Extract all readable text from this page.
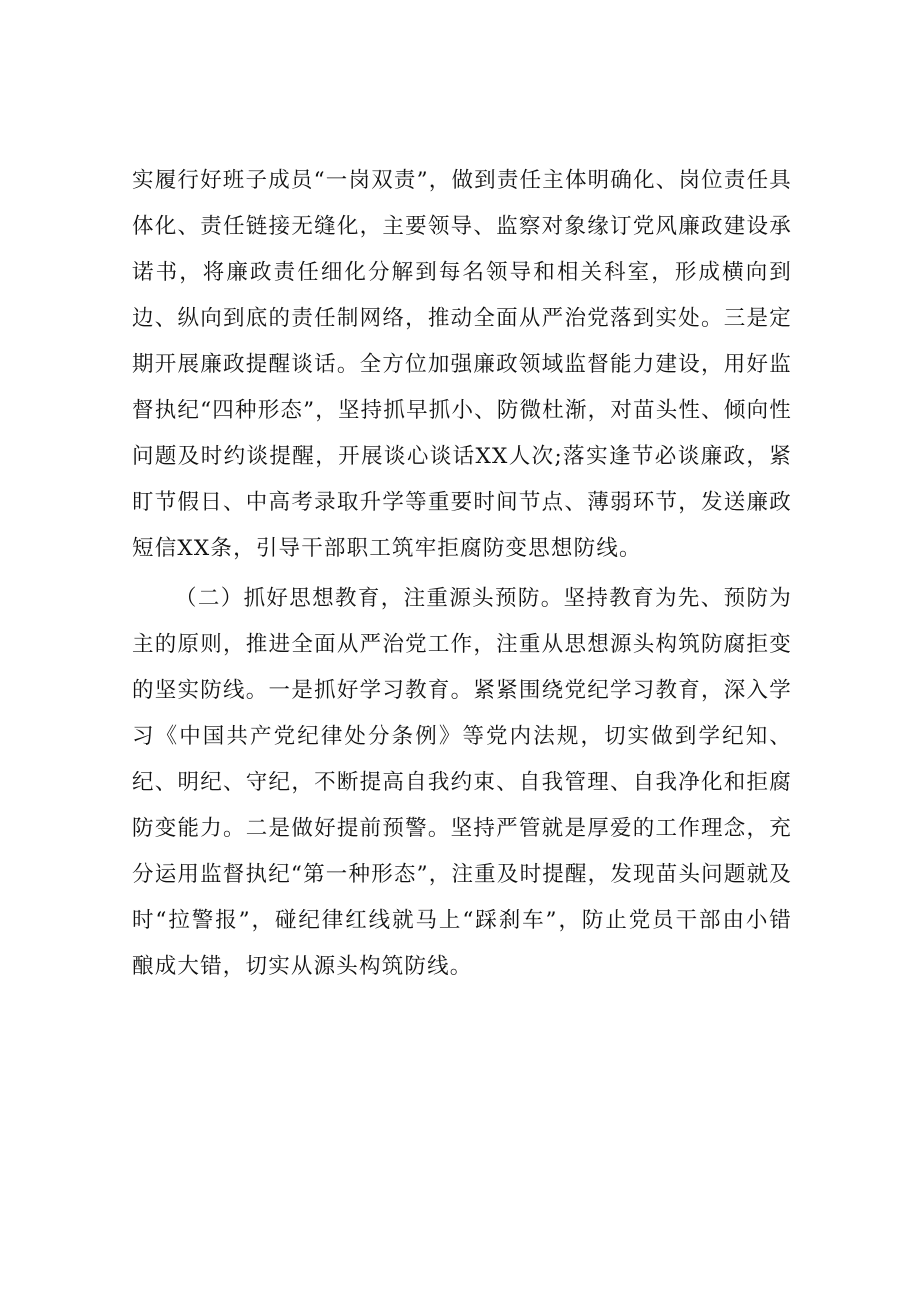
实履行好班子成员“一岗双责”，做到责任主体明确化、岗位责任具体化、责任链接无缝化，主要领导、监察对象缘订党风廉政建设承诺书，将廉政责任细化分解到每名领导和相关科室，形成横向到边、纵向到底的责任制网络，推动全面从严治党落到实处。三是定期开展廉政提醒谈话。全方位加强廉政领域监督能力建设，用好监督执纪“四种形态”，坚持抓早抓小、防微杜渐，对苗头性、倾向性问题及时约谈提醒，开展谈心谈话XX人次;落实逢节必谈廉政，紧盯节假日、中高考录取升学等重要时间节点、薄弱环节，发送廉政短信XX条，引导干部职工筑牢拒腐防变思想防线。

（二）抓好思想教育，注重源头预防。坚持教育为先、预防为主的原则，推进全面从严治党工作，注重从思想源头构筑防腐拒变的坚实防线。一是抓好学习教育。紧紧围绕党纪学习教育，深入学习《中国共产党纪律处分条例》等党内法规，切实做到学纪知、纪、明纪、守纪，不断提高自我约束、自我管理、自我净化和拒腐防变能力。二是做好提前预警。坚持严管就是厚爱的工作理念，充分运用监督执纪“第一种形态”，注重及时提醒，发现苗头问题就及时“拉警报”，碰纪律红线就马上“踩刹车”，防止党员干部由小错酿成大错，切实从源头构筑防线。
